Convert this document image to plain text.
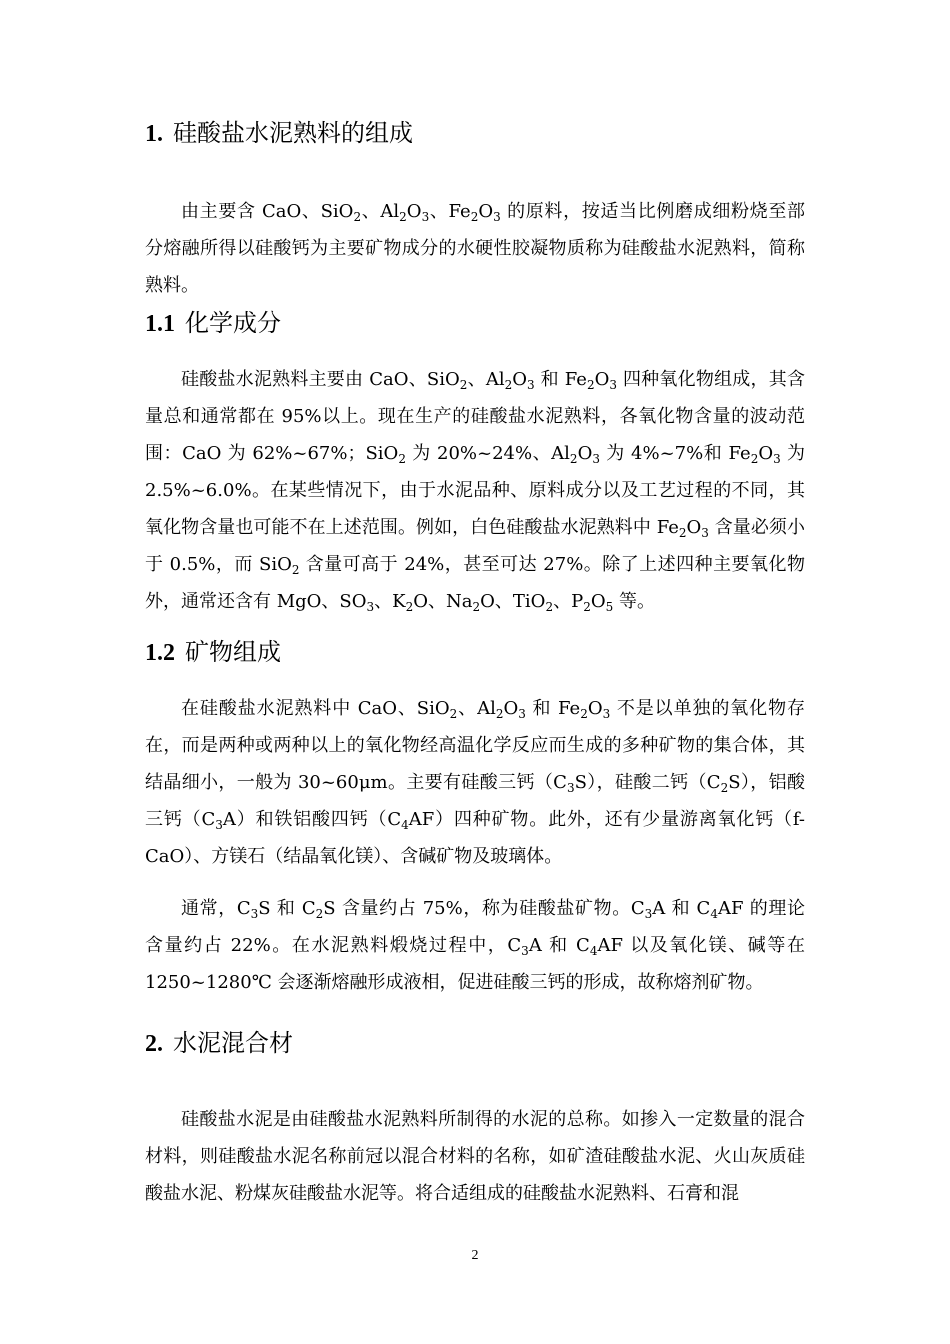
1. 硅酸盐水泥熟料的组成

由主要含 CaO、SiO$_2$、$Al_2O_3$、$Fe_2O_3$ 的原料，按适当比例磨成细粉烧至部分熔融所得以硅酸钙为主要矿物成分的水硬性胶凝物质称为硅酸盐水泥熟料，简称熟料。

1.1 化学成分

硅酸盐水泥熟料主要由 CaO、SiO$_2$、$Al_2O_3$ 和 $Fe_2O_3$ 四种氧化物组成，其含量总和通常都在 95%以上。现在生产的硅酸盐水泥熟料，各氧化物含量的波动范围：CaO 为 62%~67%；SiO$_2$ 为 20%~24%、$Al_2O_3$ 为 4%~7%和 $Fe_2O_3$ 为 2.5%~6.0%。在某些情况下，由于水泥品种、原料成分以及工艺过程的不同，其氧化物含量也可能不在上述范围。例如，白色硅酸盐水泥熟料中 $Fe_2O_3$ 含量必须小于 0.5%，而 SiO$_2$ 含量可高于 24%，甚至可达 27%。除了上述四种主要氧化物外，通常还含有 MgO、$SO_3$、$K_2O$、$Na_2O$、TiO$_2$、$P_2O_5$ 等。

1.2 矿物组成

在硅酸盐水泥熟料中 CaO、SiO$_2$、$Al_2O_3$ 和 $Fe_2O_3$ 不是以单独的氧化物存在，而是两种或两种以上的氧化物经高温化学反应而生成的多种矿物的集合体，其结晶细小，一般为 30~60μm。主要有硅酸三钙$(C_3S)$，硅酸二钙$(C_2S)$，铝酸三钙$(C_3A)$和铁铝酸四钙$(C_4AF)$四种矿物。此外，还有少量游离氧化钙（f-CaO）、方镁石（结晶氧化镁）、含碱矿物及玻璃体。

通常，$C_3S$ 和 $C_2S$ 含量约占 75%，称为硅酸盐矿物。$C_3A$ 和 $C_4AF$ 的理论含量约占 22%。在水泥熟料煅烧过程中，$C_3A$ 和 $C_4AF$ 以及氧化镁、碱等在 1250~1280℃ 会逐渐熔融形成液相，促进硅酸三钙的形成，故称熔剂矿物。

2. 水泥混合材

硅酸盐水泥是由硅酸盐水泥熟料所制得的水泥的总称。如掺入一定数量的混合材料，则硅酸盐水泥名称前冠以混合材料的名称，如矿渣硅酸盐水泥、火山灰质硅酸盐水泥、粉煤灰硅酸盐水泥等。将合适组成的硅酸盐水泥熟料、石膏和混

2
